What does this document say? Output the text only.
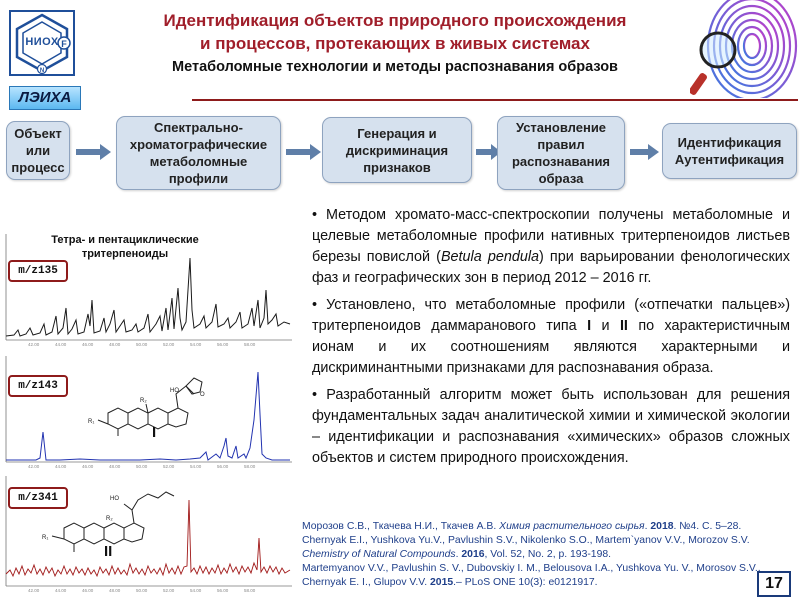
F
N
НИОХ
ЛЭИХА
Идентификация объектов природного происхождения
и процессов, протекающих в живых системах
Метаболомные технологии и методы распознавания образов
Объект
или
процесс
Спектрально-
хроматографические
метаболомные
профили
Генерация и
дискриминация
признаков
Установление
правил
распознавания
образа
Идентификация
Аутентификация
Тетра- и пентациклические
тритерпеноиды
42.00	44.00	46.00	48.00	50.00	52.00	54.00	56.00	58.00
m/z135
42.00	44.00	46.00	48.00	50.00	52.00	54.00	56.00	58.00
R₁
R₂
HO
O
m/z143
I
42.00	44.00	46.00	48.00	50.00	52.00	54.00	56.00	58.00
R₁
HO
R₂
m/z341
II

• Методом хромато-масс-спектроскопии получены метаболомные и целевые метаболомные профили нативных тритерпеноидов листьев березы повислой (Betula pendula) при варьировании фенологических фаз и географических зон в период 2012 – 2016 гг.

• Установлено, что метаболомные профили («отпечатки пальцев») тритерпеноидов даммаранового типа I и II по характеристичным ионам и их соотношениям являются характерными и дискриминантными признаками для распознавания образа.

• Разработанный алгоритм может быть использован для решения фундаментальных задач аналитической химии и химической экологии – идентификации и распознавания «химических» образов сложных объектов и систем природного происхождения.

Морозов С.В., Ткачева Н.И., Ткачев А.В. Химия растительного сырья. 2018. №4. С. 5–28.
Chernyak E.I., Yushkova Yu.V., Pavlushin S.V., Nikolenko S.O., Martem`yanov V.V., Morozov S.V. Chemistry of Natural Compounds. 2016, Vol. 52, No. 2, p. 193-198.
Martemyanov V.V., Pavlushin S. V., Dubovskiy I. M., Belousova I.A., Yushkova Yu. V., Morosov S.V., Chernyak E. I., Glupov V.V. 2015.– PLoS ONE 10(3): e0121917.	17
